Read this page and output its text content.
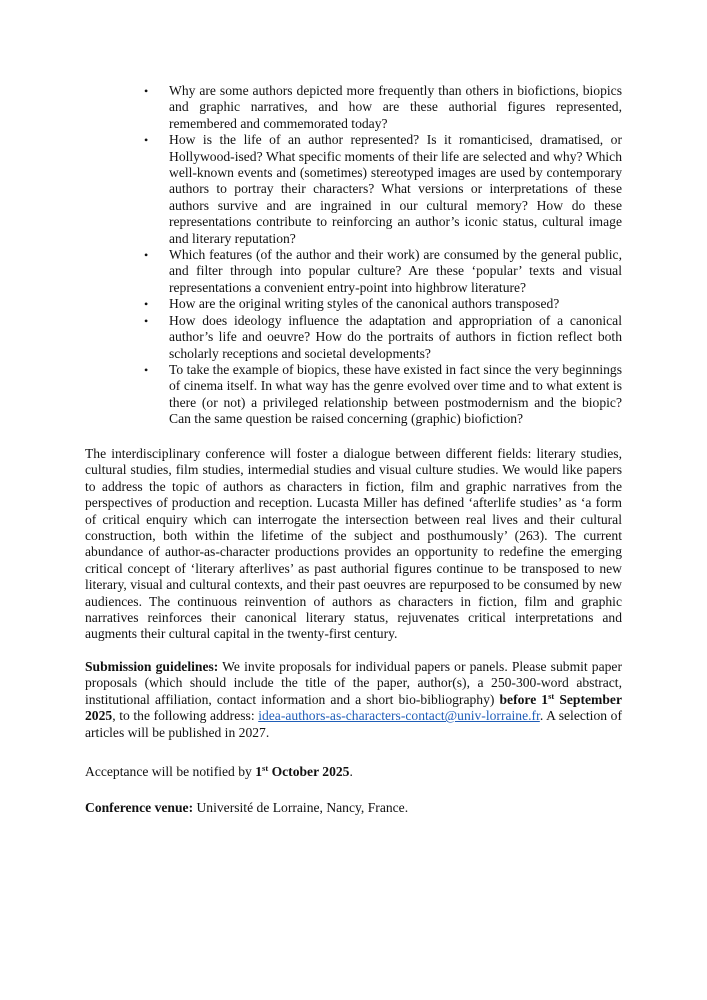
• Why are some authors depicted more frequently than others in biofictions, biopics and graphic narratives, and how are these authorial figures represented, remembered and commemorated today?
• How is the life of an author represented? Is it romanticised, dramatised, or Hollywood-ised? What specific moments of their life are selected and why? Which well-known events and (sometimes) stereotyped images are used by contemporary authors to portray their characters? What versions or interpretations of these authors survive and are ingrained in our cultural memory? How do these representations contribute to reinforcing an author’s iconic status, cultural image and literary reputation?
• Which features (of the author and their work) are consumed by the general public, and filter through into popular culture? Are these ‘popular’ texts and visual representations a convenient entry-point into highbrow literature?
• How are the original writing styles of the canonical authors transposed?
• How does ideology influence the adaptation and appropriation of a canonical author’s life and oeuvre? How do the portraits of authors in fiction reflect both scholarly receptions and societal developments?
• To take the example of biopics, these have existed in fact since the very beginnings of cinema itself. In what way has the genre evolved over time and to what extent is there (or not) a privileged relationship between postmodernism and the biopic? Can the same question be raised concerning (graphic) biofiction?

The interdisciplinary conference will foster a dialogue between different fields: literary studies, cultural studies, film studies, intermedial studies and visual culture studies. We would like papers to address the topic of authors as characters in fiction, film and graphic narratives from the perspectives of production and reception. Lucasta Miller has defined ‘afterlife studies’ as ‘a form of critical enquiry which can interrogate the intersection between real lives and their cultural construction, both within the lifetime of the subject and posthumously’ (263). The current abundance of author-as-character productions provides an opportunity to redefine the emerging critical concept of ‘literary afterlives’ as past authorial figures continue to be transposed to new literary, visual and cultural contexts, and their past oeuvres are repurposed to be consumed by new audiences. The continuous reinvention of authors as characters in fiction, film and graphic narratives reinforces their canonical literary status, rejuvenates critical interpretations and augments their cultural capital in the twenty-first century.

Submission guidelines: We invite proposals for individual papers or panels. Please submit paper proposals (which should include the title of the paper, author(s), a 250-300-word abstract, institutional affiliation, contact information and a short bio-bibliography) before 1st September 2025, to the following address: idea-authors-as-characters-contact@univ-lorraine.fr. A selection of articles will be published in 2027.

Acceptance will be notified by 1st October 2025.

Conference venue: Université de Lorraine, Nancy, France.
